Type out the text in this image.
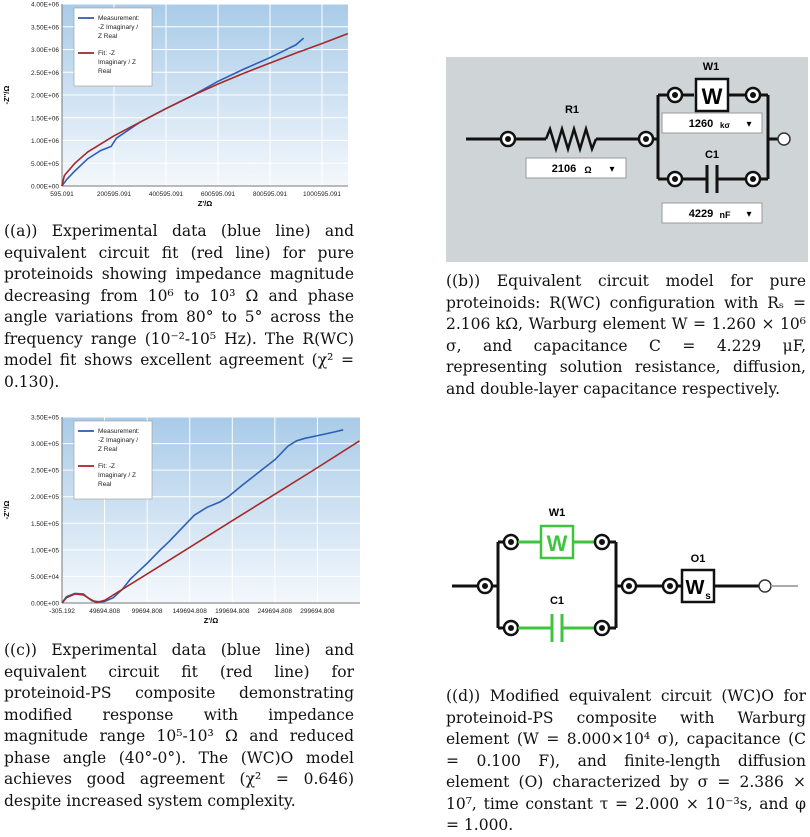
0.00E+00
5.00E+05
1.00E+06
1.50E+06
2.00E+06
2.50E+06
3.00E+06
3.50E+06
4.00E+06
595.091	200595.091	400595.091	600595.091	800595.091 1000595.091
Z'/Ω
-Z''/Ω
Measurement:
-Z Imaginary /
Z Real
Fit: -Z
Imaginary / Z
Real

((a)) Experimental data (blue line) and equivalent circuit fit (red line) for pure proteinoids showing impedance magnitude decreasing from 10⁶ to 10³ Ω and phase angle variations from 80° to 5° across the frequency range (10⁻²-10⁵ Hz). The R(WC) model fit shows excellent agreement (χ² = 0.130).

R1
2106 Ω ▾
W1
W
1260 kσ ▾
C1
4229 nF ▾

((b)) Equivalent circuit model for pure proteinoids: R(WC) configuration with Rₛ = 2.106 kΩ, Warburg element W = 1.260 × 10⁶ σ, and capacitance C = 4.229 μF, representing solution resistance, diffusion, and double-layer capacitance respectively.

0.00E+00
5.00E+04
1.00E+05
1.50E+05
2.00E+05
2.50E+05
3.00E+05
3.50E+05
-305.192 49694.808 99694.808 149694.808 199694.808 249694.808 299694.808
Z'/Ω
-Z''/Ω
Measurement:
-Z Imaginary /
Z Real
Fit: -Z
Imaginary / Z
Real

((c)) Experimental data (blue line) and equivalent circuit fit (red line) for proteinoid-PS composite demonstrating modified response with impedance magnitude range 10⁵-10³ Ω and reduced phase angle (40°-0°). The (WC)O model achieves good agreement (χ² = 0.646) despite increased system complexity.

W1
W
C1
O1
W s

((d)) Modified equivalent circuit (WC)O for proteinoid-PS composite with Warburg element (W = 8.000×10⁴ σ), capacitance (C = 0.100 F), and finite-length diffusion element (O) characterized by σ = 2.386 × 10⁷, time constant τ = 2.000 × 10⁻³s, and φ = 1.000.
